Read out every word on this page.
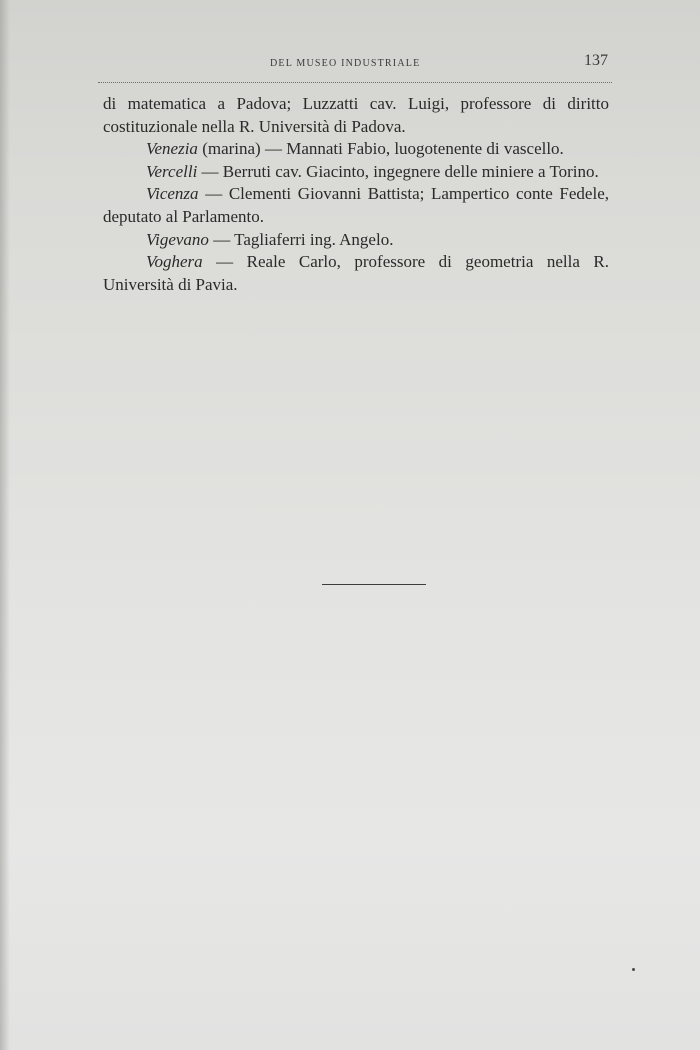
DEL MUSEO INDUSTRIALE	137

di matematica a Padova; Luzzatti cav. Luigi, professore di diritto costituzionale nella R. Università di Padova.

Venezia (marina) — Mannati Fabio, luogotenente di vascello.

Vercelli — Berruti cav. Giacinto, ingegnere delle miniere a Torino.

Vicenza — Clementi Giovanni Battista; Lampertico conte Fedele, deputato al Parlamento.

Vigevano — Tagliaferri ing. Angelo.

Voghera — Reale Carlo, professore di geometria nella R. Università di Pavia.
